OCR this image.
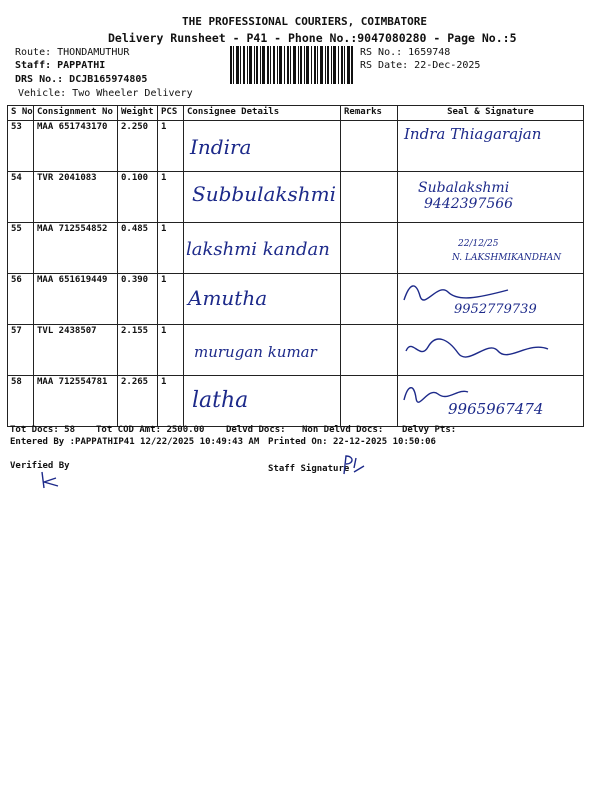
THE PROFESSIONAL COURIERS, COIMBATORE
Delivery Runsheet - P41 - Phone No.:9047080280 - Page No.:5
Route: THONDAMUTHUR
Staff: PAPPATHI
DRS No.: DCJB165974805
Vehicle: Two Wheeler Delivery
RS No.: 1659748
RS Date: 22-Dec-2025
S No	Consignment No	Weight	PCS	Consignee Details	Remarks	Seal & Signature
53	MAA 651743170	2.250	1	Indira		Indra Thiagarajan

54	TVR 2041083	0.100	1	Subbulakshmi		Subalakshmi
9442397566

55	MAA 712554852	0.485	1	lakshmi kandan		22/12/25
N. LAKSHMIKANDHAN

56	MAA 651619449	0.390	1	Amutha		9952779739

57	TVL 2438507	2.155	1	murugan kumar

58	MAA 712554781	2.265	1	latha		9965967474
Tot Docs: 58 Tot COD Amt: 2500.00 Delvd Docs: Non Delvd Docs: Delvy Pts:
Entered By :PAPPATHIP41 12/22/2025 10:49:43 AM Printed On: 22-12-2025 10:50:06
Verified By	Staff Signature
